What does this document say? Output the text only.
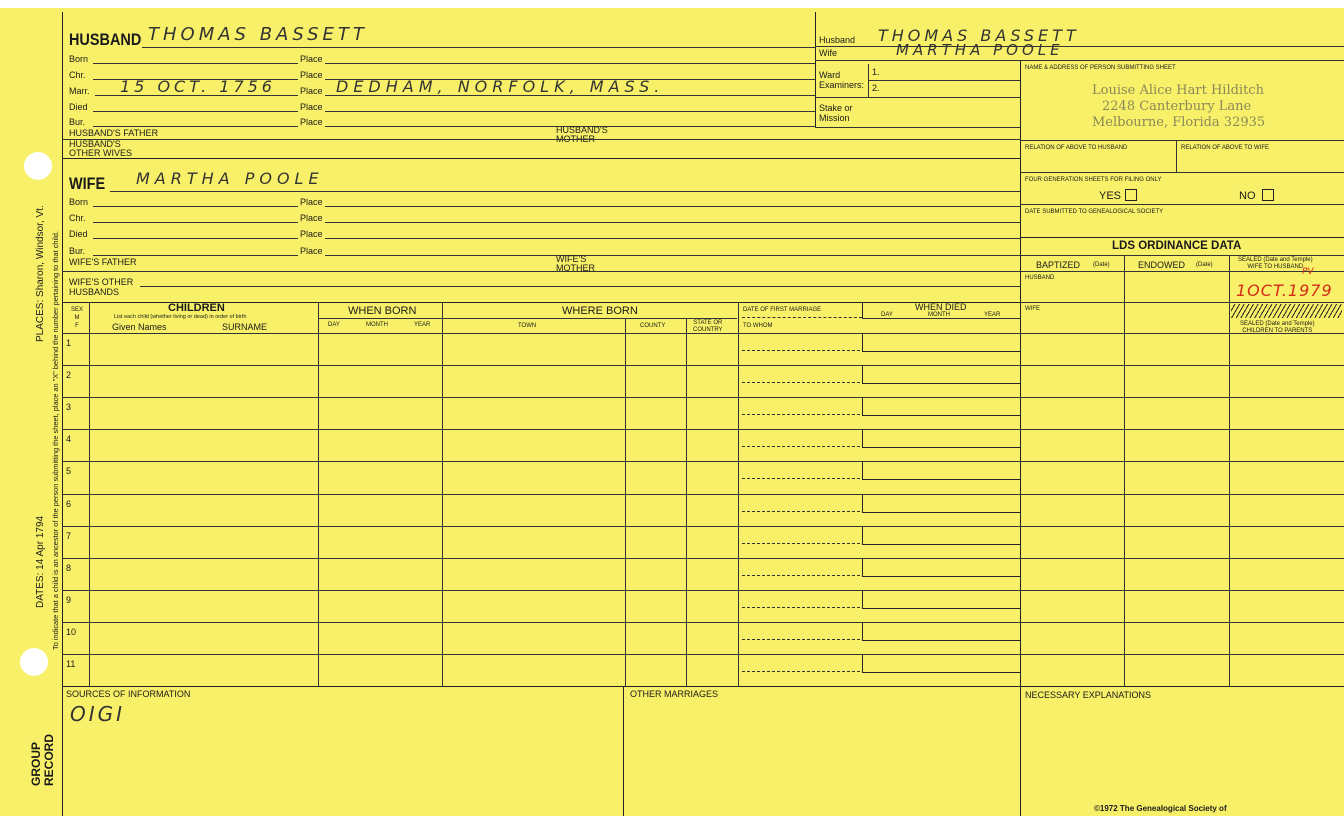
GROUP
RECORD
PLACES: Sharon, Windsor, Vt.
DATES: 14 Apr 1794 To indicate that a child is an ancestor of the person submitting the sheet, place an "X" behind the number pertaining to that child.
HUSBAND THOMAS BASSETT
Born	Place
Chr.	Place
Marr. 15 OCT. 1756	Place DEDHAM, NORFOLK, MASS.
Died	Place
Bur.	Place
HUSBAND'S FATHER	HUSBAND'S
MOTHER
HUSBAND'S
OTHER WIVES
Husband THOMAS BASSETT
Wife	MARTHA POOLE
Ward
Examiners:
1.
2.
Stake or
Mission
NAME & ADDRESS OF PERSON SUBMITTING SHEET
Louise Alice Hart Hilditch
2248 Canterbury Lane
Melbourne, Florida 32935
RELATION OF ABOVE TO HUSBAND	RELATION OF ABOVE TO WIFE
FOUR GENERATION SHEETS FOR FILING ONLY
YES	NO
DATE SUBMITTED TO GENEALOGICAL SOCIETY
LDS ORDINANCE DATA
BAPTIZED (Date)	ENDOWED (Date)
SEALED (Date and Temple)
WIFE TO HUSBAND
HUSBAND
PV
1OCT.1979
WIFE
SEALED (Date and Temple)
CHILDREN TO PARENTS
WIFE MARTHA POOLE
Born	Place
Chr.	Place
Died	Place
Bur.	Place
WIFE'S FATHER	WIFE'S
MOTHER
WIFE'S OTHER
HUSBANDS
SEX
M
F
CHILDREN
List each child (whether living or dead) in order of birth
Given Names	SURNAME
WHEN BORN
DAY	MONTH	YEAR
WHERE BORN
TOWN	COUNTY	STATE OR
COUNTRY
DATE OF FIRST MARRIAGE
TO WHOM
WHEN DIED
DAY	MONTH	YEAR
1
2
3
4
5
6
7
8
9
10
11
SOURCES OF INFORMATION
OIGI
OTHER MARRIAGES	NECESSARY EXPLANATIONS
©1972 The Genealogical Society of
